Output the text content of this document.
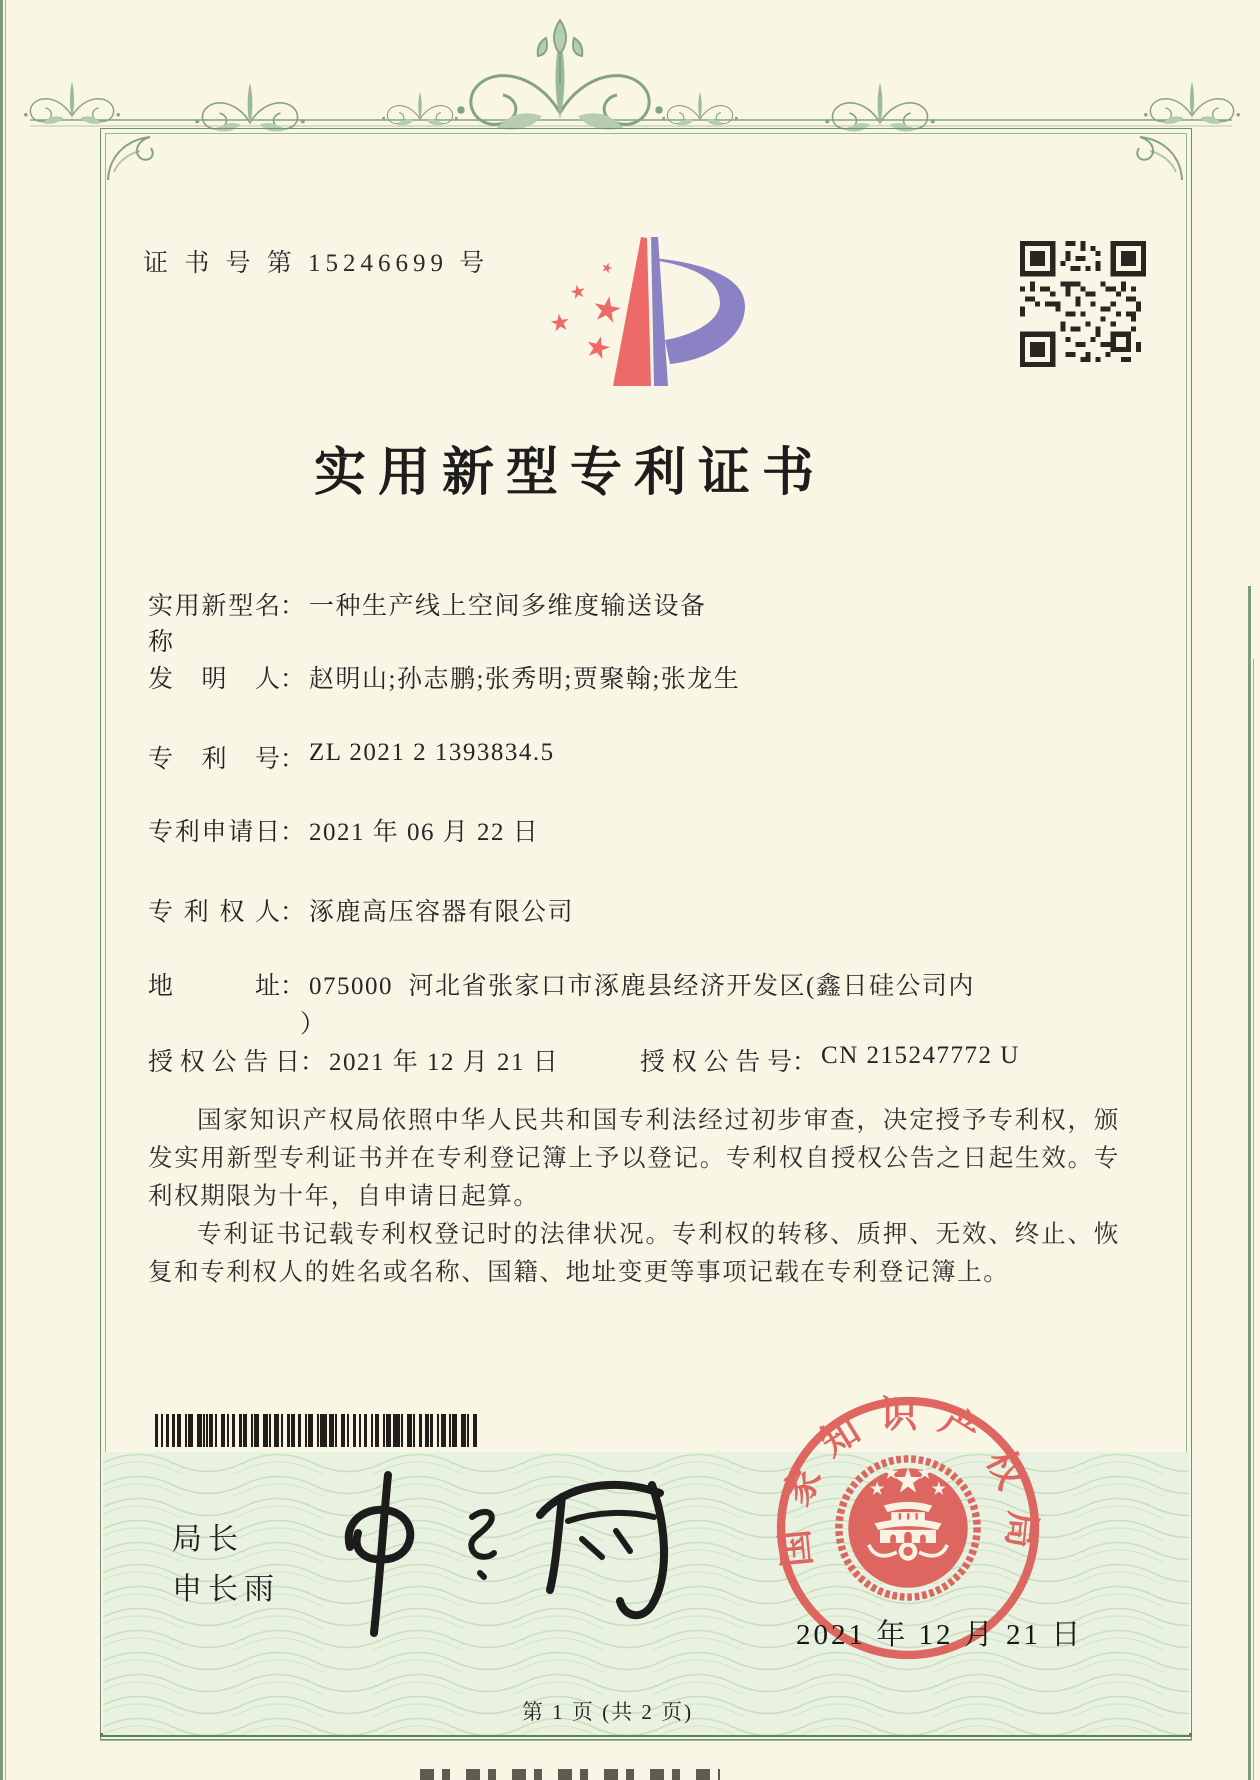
证 书 号 第 15246699 号
实用新型专利证书
实用新型名称
： 一种生产线上空间多维度输送设备
发明人 ： 赵明山;孙志鹏;张秀明;贾聚翰;张龙生
专利号 ： ZL 2021 2 1393834.5
专利申请日 ： 2021 年 06 月 22 日
专利权人 ： 涿鹿高压容器有限公司
地址 ： 075000  河北省张家口市涿鹿县经济开发区(鑫日硅公司内
）
授权公告日 ： 2021 年 12 月 21 日	授权公告号 ： CN 215247772 U

国家知识产权局依照中华人民共和国专利法经过初步审查，决定授予专利权，颁发实用新型专利证书并在专利登记簿上予以登记。专利权自授权公告之日起生效。专利权期限为十年，自申请日起算。

专利证书记载专利权登记时的法律状况。专利权的转移、质押、无效、终止、恢复和专利权人的姓名或名称、国籍、地址变更等事项记载在专利登记簿上。

局长
申长雨
国家知识产权局
2021 年 12 月 21 日
第 1 页 (共 2 页)
